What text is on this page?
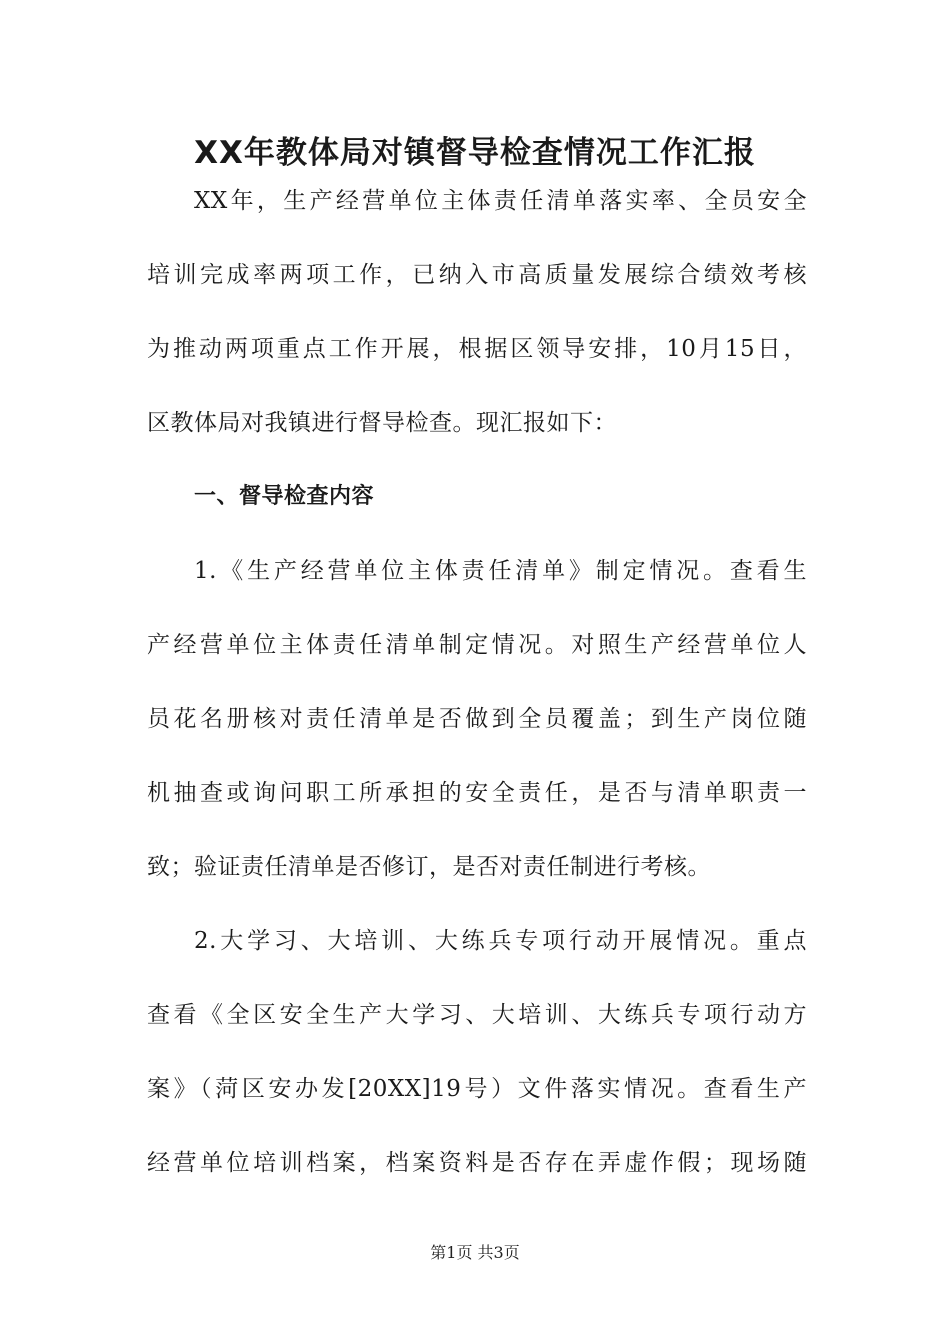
XX年教体局对镇督导检查情况工作汇报
XX年，生产经营单位主体责任清单落实率、全员安全
培训完成率两项工作，已纳入市高质量发展综合绩效考核
为推动两项重点工作开展，根据区领导安排，10月15日，
区教体局对我镇进行督导检查。现汇报如下：
一、督导检查内容
1.《生产经营单位主体责任清单》制定情况。查看生
产经营单位主体责任清单制定情况。对照生产经营单位人
员花名册核对责任清单是否做到全员覆盖；到生产岗位随
机抽查或询问职工所承担的安全责任，是否与清单职责一
致；验证责任清单是否修订，是否对责任制进行考核。
2.大学习、大培训、大练兵专项行动开展情况。重点
查看《全区安全生产大学习、大培训、大练兵专项行动方
案》（菏区安办发[20XX]19号）文件落实情况。查看生产
经营单位培训档案，档案资料是否存在弄虚作假；现场随
第1页 共3页
